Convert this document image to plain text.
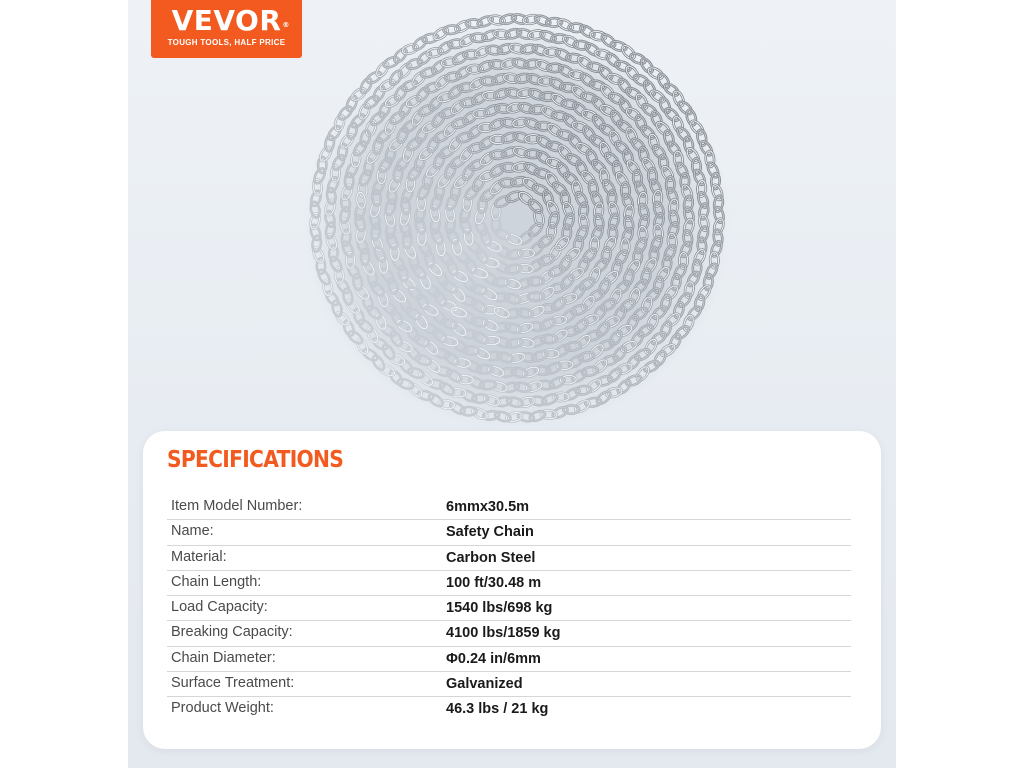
VEVOR ®
TOUGH TOOLS, HALF PRICE
SPECIFICATIONS
Item Model Number:	6mmx30.5m
Name:	Safety Chain
Material:	Carbon Steel
Chain Length:	100 ft/30.48 m
Load Capacity:	1540 lbs/698 kg
Breaking Capacity:	4100 lbs/1859 kg
Chain Diameter:	Φ0.24 in/6mm
Surface Treatment:	Galvanized
Product Weight:	46.3 lbs / 21 kg
